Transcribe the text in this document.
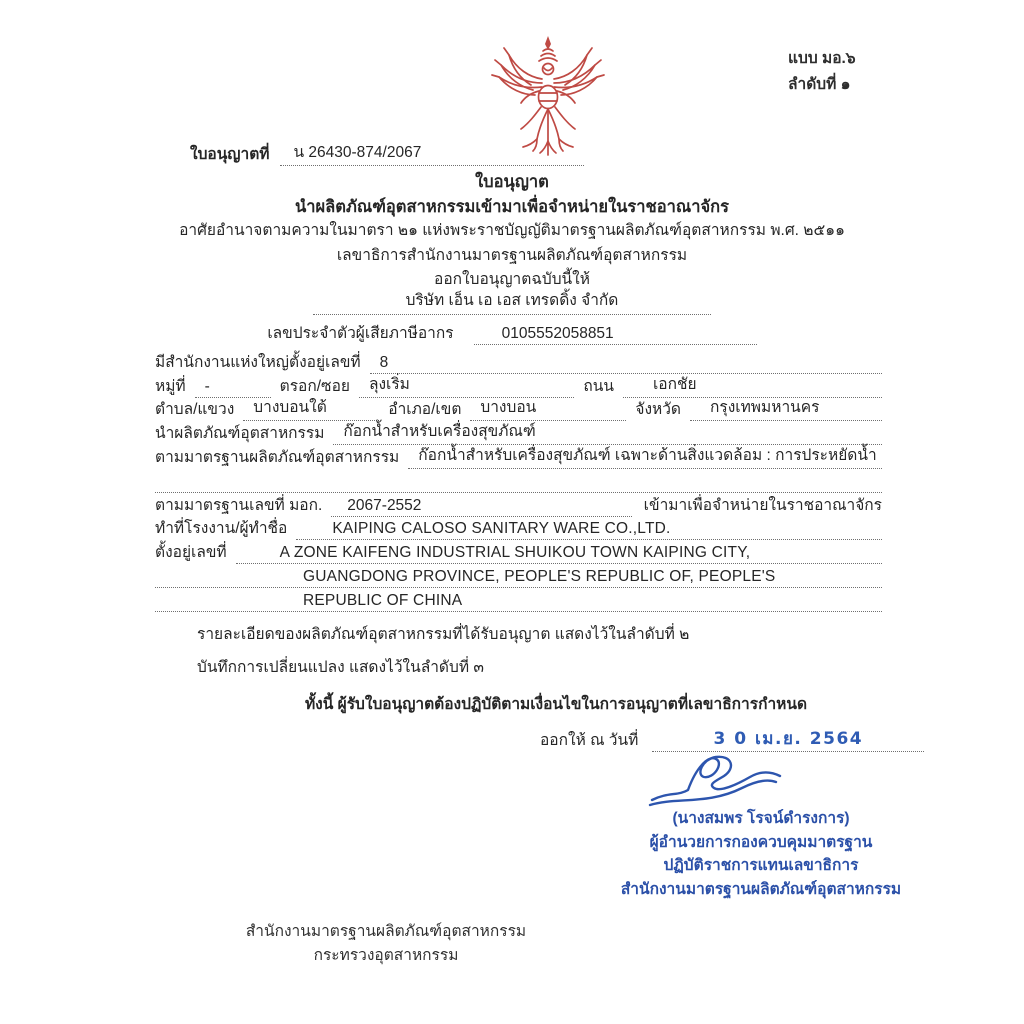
แบบ มอ.๖
ลำดับที่ ๑
ใบอนุญาตที่	น 26430-874/2067
ใบอนุญาต
นำผลิตภัณฑ์อุตสาหกรรมเข้ามาเพื่อจำหน่ายในราชอาณาจักร
อาศัยอำนาจตามความในมาตรา ๒๑ แห่งพระราชบัญญัติมาตรฐานผลิตภัณฑ์อุตสาหกรรม พ.ศ. ๒๕๑๑
เลขาธิการสำนักงานมาตรฐานผลิตภัณฑ์อุตสาหกรรม
ออกใบอนุญาตฉบับนี้ให้
บริษัท เอ็น เอ เอส เทรดดิ้ง จำกัด
เลขประจำตัวผู้เสียภาษีอากร	0105552058851
มีสำนักงานแห่งใหญ่ตั้งอยู่เลขที่	8
หมู่ที่	-	ตรอก/ซอย	ลุงเริ่ม	ถนน	เอกชัย
ตำบล/แขวง	บางบอนใต้	อำเภอ/เขต	บางบอน	จังหวัด	กรุงเทพมหานคร
นำผลิตภัณฑ์อุตสาหกรรม	ก๊อกน้ำสำหรับเครื่องสุขภัณฑ์
ตามมาตรฐานผลิตภัณฑ์อุตสาหกรรม	ก๊อกน้ำสำหรับเครื่องสุขภัณฑ์ เฉพาะด้านสิ่งแวดล้อม : การประหยัดน้ำ
ตามมาตรฐานเลขที่ มอก.	2067-2552	เข้ามาเพื่อจำหน่ายในราชอาณาจักร
ทำที่โรงงาน/ผู้ทำชื่อ	KAIPING CALOSO SANITARY WARE CO.,LTD.
ตั้งอยู่เลขที่	A ZONE KAIFENG INDUSTRIAL SHUIKOU TOWN KAIPING CITY,
GUANGDONG PROVINCE, PEOPLE'S REPUBLIC OF, PEOPLE'S
REPUBLIC OF CHINA
รายละเอียดของผลิตภัณฑ์อุตสาหกรรมที่ได้รับอนุญาต แสดงไว้ในลำดับที่ ๒
บันทึกการเปลี่ยนแปลง แสดงไว้ในลำดับที่ ๓
ทั้งนี้ ผู้รับใบอนุญาตต้องปฏิบัติตามเงื่อนไขในการอนุญาตที่เลขาธิการกำหนด
ออกให้ ณ วันที่	3 0 เม.ย. 2564
(นางสมพร โรจน์ดำรงการ)
ผู้อำนวยการกองควบคุมมาตรฐาน
ปฏิบัติราชการแทนเลขาธิการ
สำนักงานมาตรฐานผลิตภัณฑ์อุตสาหกรรม
สำนักงานมาตรฐานผลิตภัณฑ์อุตสาหกรรม
กระทรวงอุตสาหกรรม
